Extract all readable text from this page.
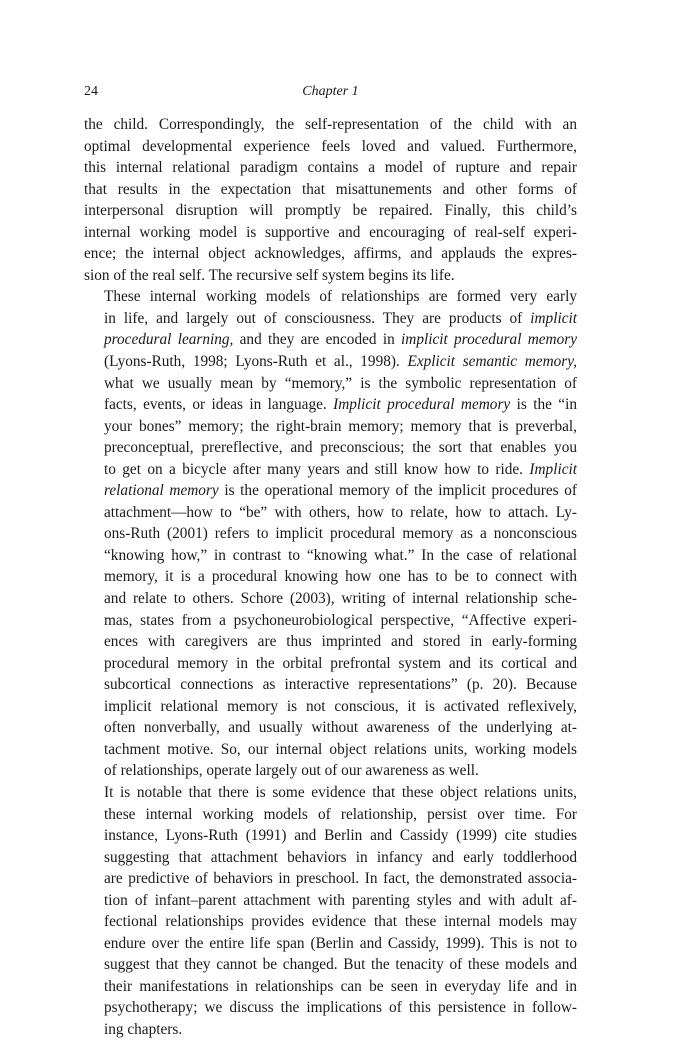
24	Chapter 1

the child. Correspondingly, the self-representation of the child with an
optimal developmental experience feels loved and valued. Furthermore,
this internal relational paradigm contains a model of rupture and repair
that results in the expectation that misattunements and other forms of
interpersonal disruption will promptly be repaired. Finally, this child’s
internal working model is supportive and encouraging of real-self experi-
ence; the internal object acknowledges, affirms, and applauds the expres-
sion of the real self. The recursive self system begins its life.

These internal working models of relationships are formed very early
in life, and largely out of consciousness. They are products of implicit
procedural learning, and they are encoded in implicit procedural memory
(Lyons-Ruth, 1998; Lyons-Ruth et al., 1998). Explicit semantic memory,
what we usually mean by “memory,” is the symbolic representation of
facts, events, or ideas in language. Implicit procedural memory is the “in
your bones” memory; the right-brain memory; memory that is preverbal,
preconceptual, prereflective, and preconscious; the sort that enables you
to get on a bicycle after many years and still know how to ride. Implicit
relational memory is the operational memory of the implicit procedures of
attachment—how to “be” with others, how to relate, how to attach. Ly-
ons-Ruth (2001) refers to implicit procedural memory as a nonconscious
“knowing how,” in contrast to “knowing what.” In the case of relational
memory, it is a procedural knowing how one has to be to connect with
and relate to others. Schore (2003), writing of internal relationship sche-
mas, states from a psychoneurobiological perspective, “Affective experi-
ences with caregivers are thus imprinted and stored in early-forming
procedural memory in the orbital prefrontal system and its cortical and
subcortical connections as interactive representations” (p. 20). Because
implicit relational memory is not conscious, it is activated reflexively,
often nonverbally, and usually without awareness of the underlying at-
tachment motive. So, our internal object relations units, working models
of relationships, operate largely out of our awareness as well.

It is notable that there is some evidence that these object relations units,
these internal working models of relationship, persist over time. For
instance, Lyons-Ruth (1991) and Berlin and Cassidy (1999) cite studies
suggesting that attachment behaviors in infancy and early toddlerhood
are predictive of behaviors in preschool. In fact, the demonstrated associa-
tion of infant–parent attachment with parenting styles and with adult af-
fectional relationships provides evidence that these internal models may
endure over the entire life span (Berlin and Cassidy, 1999). This is not to
suggest that they cannot be changed. But the tenacity of these models and
their manifestations in relationships can be seen in everyday life and in
psychotherapy; we discuss the implications of this persistence in follow-
ing chapters.
